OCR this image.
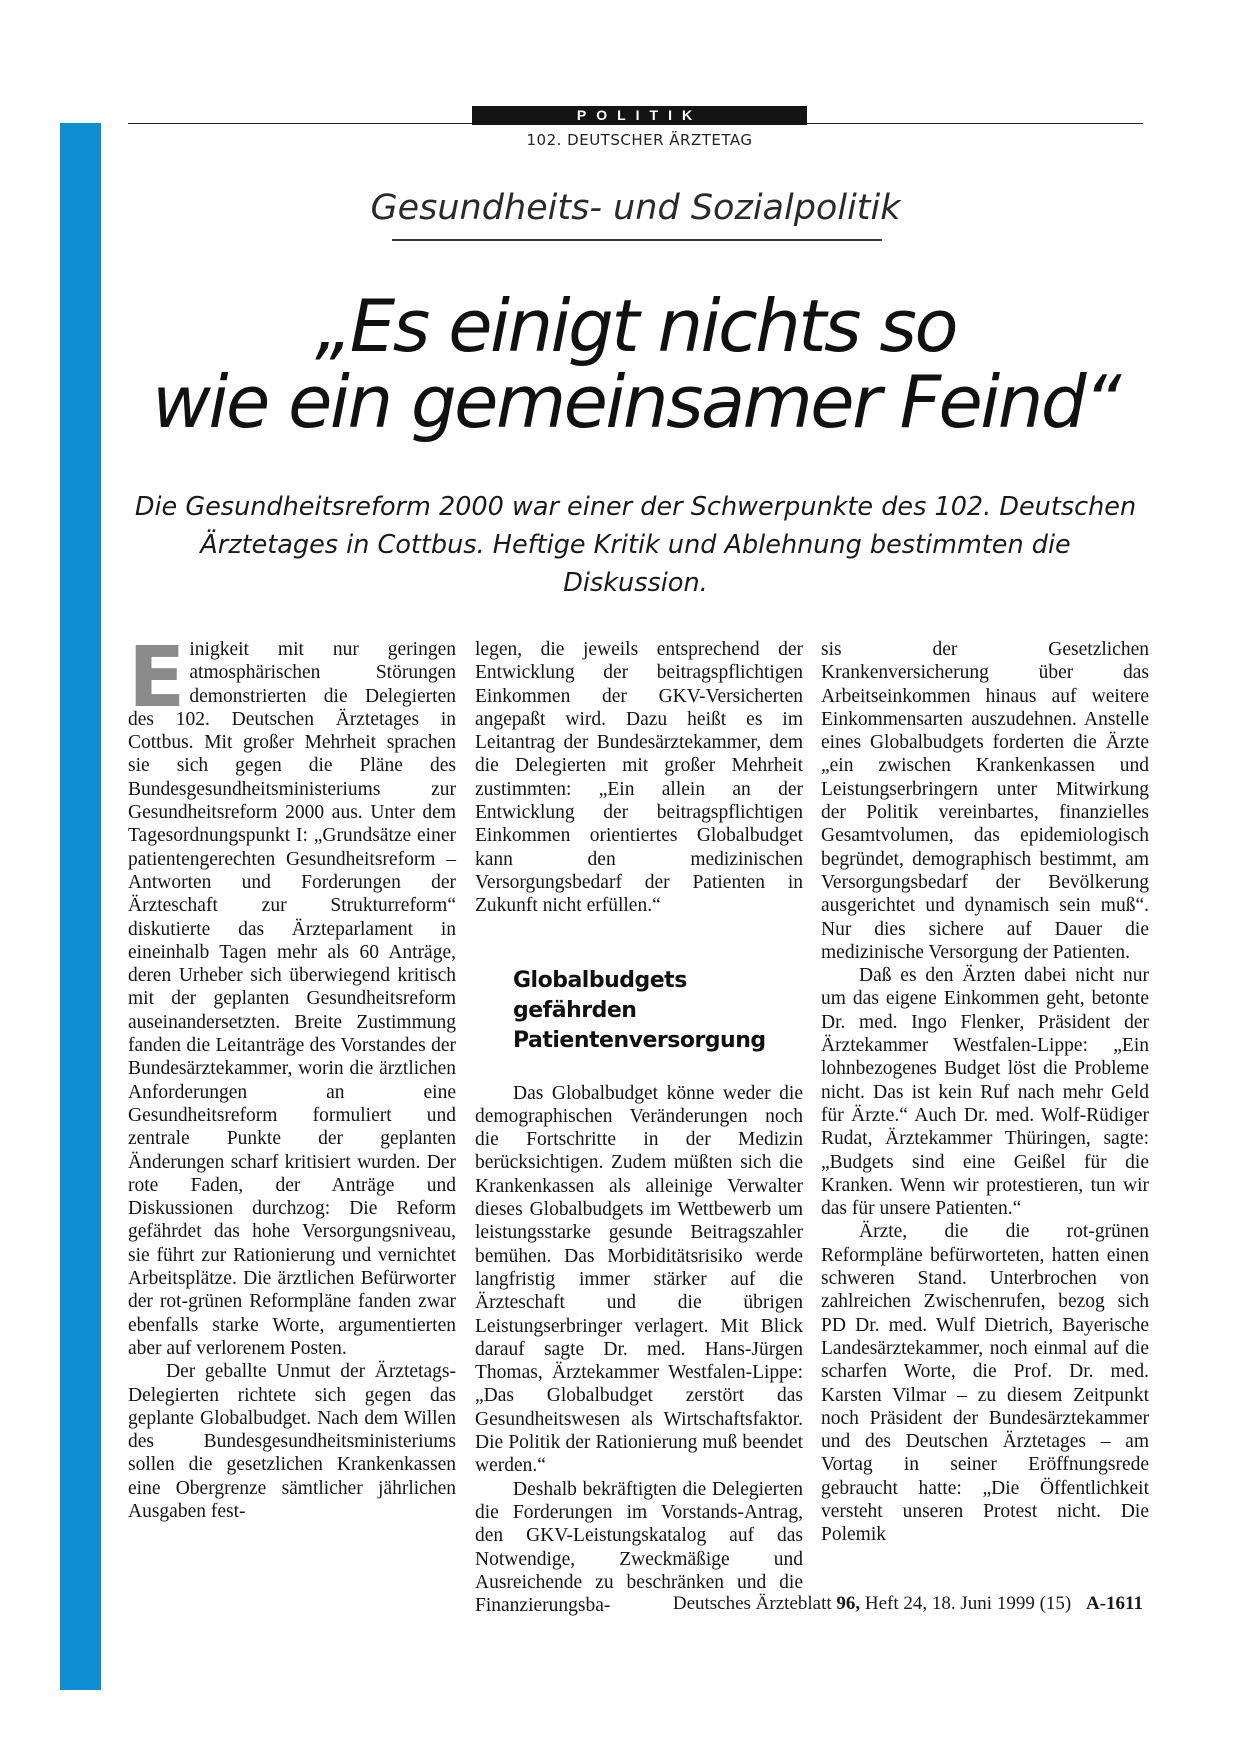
POLITIK
102. DEUTSCHER ÄRZTETAG
Gesundheits- und Sozialpolitik
„Es einigt nichts so
wie ein gemeinsamer Feind“

Die Gesundheitsreform 2000 war einer der Schwerpunkte des 102. Deutschen
Ärztetages in Cottbus. Heftige Kritik und Ablehnung bestimmten die Diskussion.

Einigkeit mit nur geringen atmosphärischen Störungen demonstrierten die Delegierten des 102. Deutschen Ärztetages in Cottbus. Mit großer Mehrheit sprachen sie sich gegen die Pläne des Bundesgesundheitsministeriums zur Gesundheitsreform 2000 aus. Unter dem Tagesordnungspunkt I: „Grundsätze einer patientengerechten Gesundheitsreform – Antworten und Forderungen der Ärzteschaft zur Strukturreform“ diskutierte das Ärzteparlament in eineinhalb Tagen mehr als 60 Anträge, deren Urheber sich überwiegend kritisch mit der geplanten Gesundheitsreform auseinandersetzten. Breite Zustimmung fanden die Leitanträge des Vorstandes der Bundesärztekammer, worin die ärztlichen Anforderungen an eine Gesundheitsreform formuliert und zentrale Punkte der geplanten Änderungen scharf kritisiert wurden. Der rote Faden, der Anträge und Diskussionen durchzog: Die Reform gefährdet das hohe Versorgungsniveau, sie führt zur Rationierung und vernichtet Arbeitsplätze. Die ärztlichen Befürworter der rot-grünen Reformpläne fanden zwar ebenfalls starke Worte, argumentierten aber auf verlorenem Posten.

Der geballte Unmut der Ärztetags-Delegierten richtete sich gegen das geplante Globalbudget. Nach dem Willen des Bundesgesundheitsministeriums sollen die gesetzlichen Krankenkassen eine Obergrenze sämtlicher jährlichen Ausgaben fest-

legen, die jeweils entsprechend der Entwicklung der beitragspflichtigen Einkommen der GKV-Versicherten angepaßt wird. Dazu heißt es im Leitantrag der Bundesärztekammer, dem die Delegierten mit großer Mehrheit zustimmten: „Ein allein an der Entwicklung der beitragspflichtigen Einkommen orientiertes Globalbudget kann den medizinischen Versorgungsbedarf der Patienten in Zukunft nicht erfüllen.“

Globalbudgets gefährden Patientenversorgung

Das Globalbudget könne weder die demographischen Veränderungen noch die Fortschritte in der Medizin berücksichtigen. Zudem müßten sich die Krankenkassen als alleinige Verwalter dieses Globalbudgets im Wettbewerb um leistungsstarke gesunde Beitragszahler bemühen. Das Morbiditätsrisiko werde langfristig immer stärker auf die Ärzteschaft und die übrigen Leistungserbringer verlagert. Mit Blick darauf sagte Dr. med. Hans-Jürgen Thomas, Ärztekammer Westfalen-Lippe: „Das Globalbudget zerstört das Gesundheitswesen als Wirtschaftsfaktor. Die Politik der Rationierung muß beendet werden.“

Deshalb bekräftigten die Delegierten die Forderungen im Vorstands-Antrag, den GKV-Leistungskatalog auf das Notwendige, Zweckmäßige und Ausreichende zu beschränken und die Finanzierungsba-

sis der Gesetzlichen Krankenversicherung über das Arbeitseinkommen hinaus auf weitere Einkommensarten auszudehnen. Anstelle eines Globalbudgets forderten die Ärzte „ein zwischen Krankenkassen und Leistungserbringern unter Mitwirkung der Politik vereinbartes, finanzielles Gesamtvolumen, das epidemiologisch begründet, demographisch bestimmt, am Versorgungsbedarf der Bevölkerung ausgerichtet und dynamisch sein muß“. Nur dies sichere auf Dauer die medizinische Versorgung der Patienten.

Daß es den Ärzten dabei nicht nur um das eigene Einkommen geht, betonte Dr. med. Ingo Flenker, Präsident der Ärztekammer Westfalen-Lippe: „Ein lohnbezogenes Budget löst die Probleme nicht. Das ist kein Ruf nach mehr Geld für Ärzte.“ Auch Dr. med. Wolf-Rüdiger Rudat, Ärztekammer Thüringen, sagte: „Budgets sind eine Geißel für die Kranken. Wenn wir protestieren, tun wir das für unsere Patienten.“

Ärzte, die die rot-grünen Reformpläne befürworteten, hatten einen schweren Stand. Unterbrochen von zahlreichen Zwischenrufen, bezog sich PD Dr. med. Wulf Dietrich, Bayerische Landesärztekammer, noch einmal auf die scharfen Worte, die Prof. Dr. med. Karsten Vilmar – zu diesem Zeitpunkt noch Präsident der Bundesärztekammer und des Deutschen Ärztetages – am Vortag in seiner Eröffnungsrede gebraucht hatte: „Die Öffentlichkeit versteht unseren Protest nicht. Die Polemik

Deutsches Ärzteblatt 96, Heft 24, 18. Juni 1999 (15) A-1611
